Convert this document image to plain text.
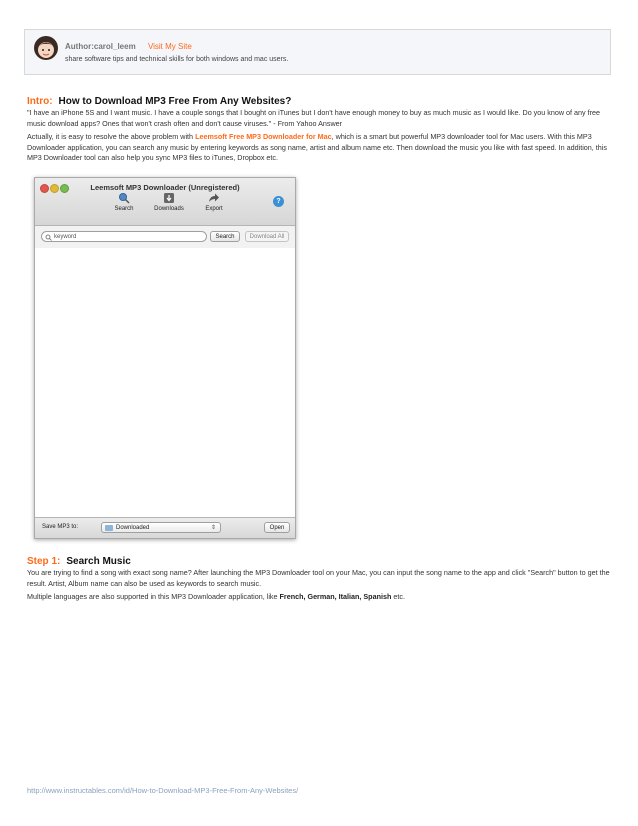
Author:carol_leem Visit My Site
share software tips and technical skills for both windows and mac users.
Intro: How to Download MP3 Free From Any Websites?

"I have an iPhone 5S and I want music. I have a couple songs that I bought on iTunes but I don't have enough money to buy as much music as I would like. Do you know of any free music download apps? Ones that won't crash often and don't cause viruses." - From Yahoo Answer

Actually, it is easy to resolve the above problem with Leemsoft Free MP3 Downloader for Mac, which is a smart but powerful MP3 downloader tool for Mac users. With this MP3 Downloader application, you can search any music by entering keywords as song name, artist and album name etc. Then download the music you like with fast speed. In addition, this MP3 Downloader tool can also help you sync MP3 files to iTunes, Dropbox etc.

Leemsoft MP3 Downloader (Unregistered)
Search	Downloads	Export
?
keyword	Search	Download All
Save MP3 to:	Downloaded	⇕	Open
Step 1: Search Music

You are trying to find a song with exact song name? After launching the MP3 Downloader tool on your Mac, you can input the song name to the app and click "Search" button to get the result. Artist, Album name can also be used as keywords to search music.

Multiple languages are also supported in this MP3 Downloader application, like French, German, Italian, Spanish etc.

http://www.instructables.com/id/How-to-Download-MP3-Free-From-Any-Websites/
